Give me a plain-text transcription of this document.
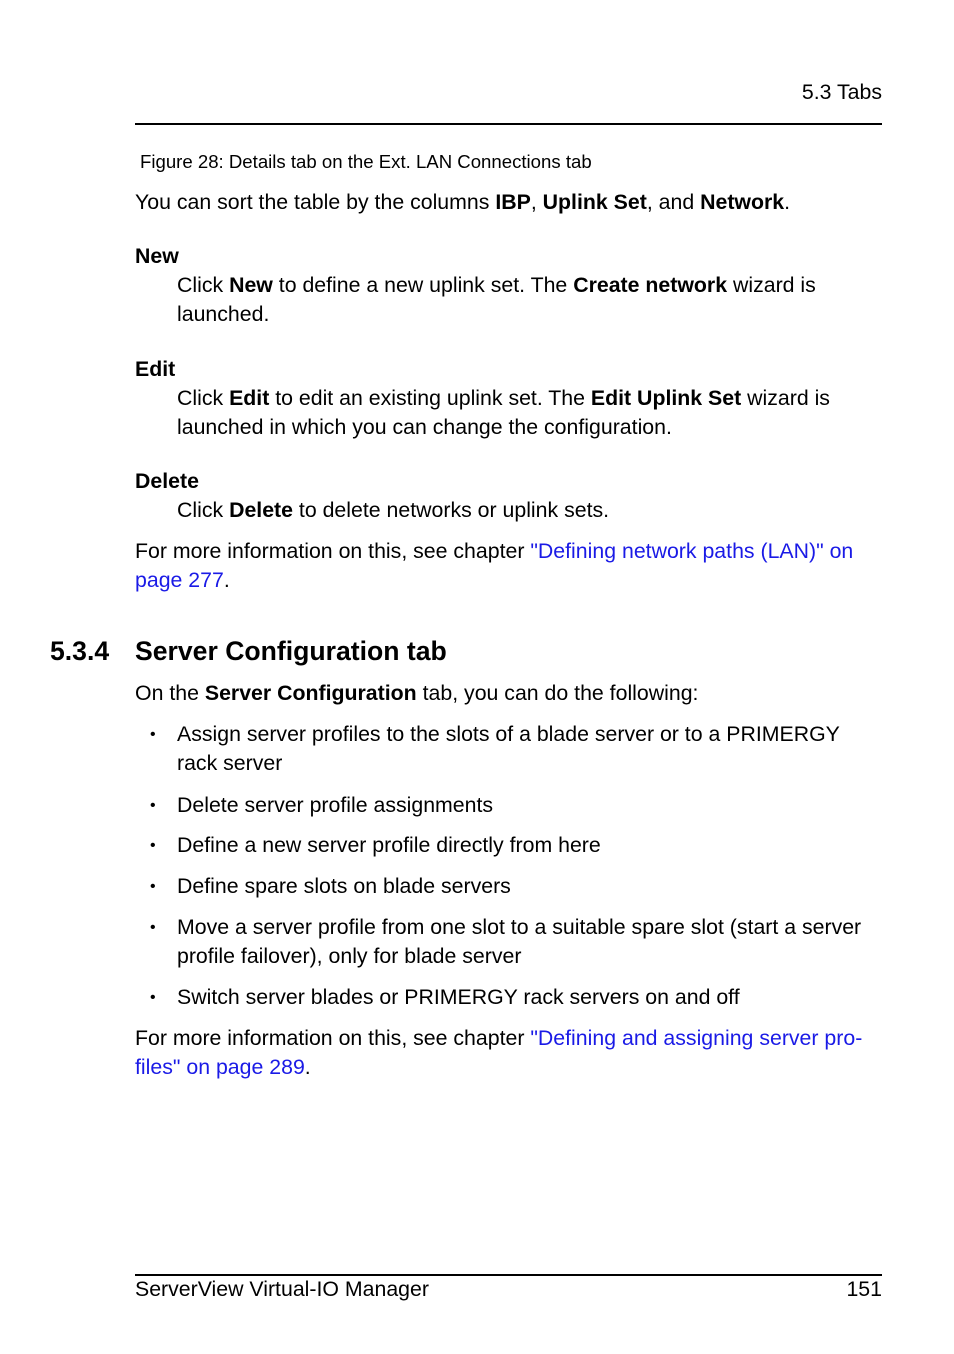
5.3 Tabs
Figure 28: Details tab on the Ext. LAN Connections tab
You can sort the table by the columns IBP, Uplink Set, and Network.
New
Click New to define a new uplink set. The Create network wizard is
launched.
Edit
Click Edit to edit an existing uplink set. The Edit Uplink Set wizard is
launched in which you can change the configuration.
Delete
Click Delete to delete networks or uplink sets.
For more information on this, see chapter "Defining network paths (LAN)" on
page 277.
5.3.4 Server Configuration tab
On the Server Configuration tab, you can do the following:
• Assign server profiles to the slots of a blade server or to a PRIMERGY
rack server
• Delete server profile assignments
• Define a new server profile directly from here
• Define spare slots on blade servers
• Move a server profile from one slot to a suitable spare slot (start a server
profile failover), only for blade server
• Switch server blades or PRIMERGY rack servers on and off
For more information on this, see chapter "Defining and assigning server pro-
files" on page 289.
ServerView Virtual-IO Manager	151
